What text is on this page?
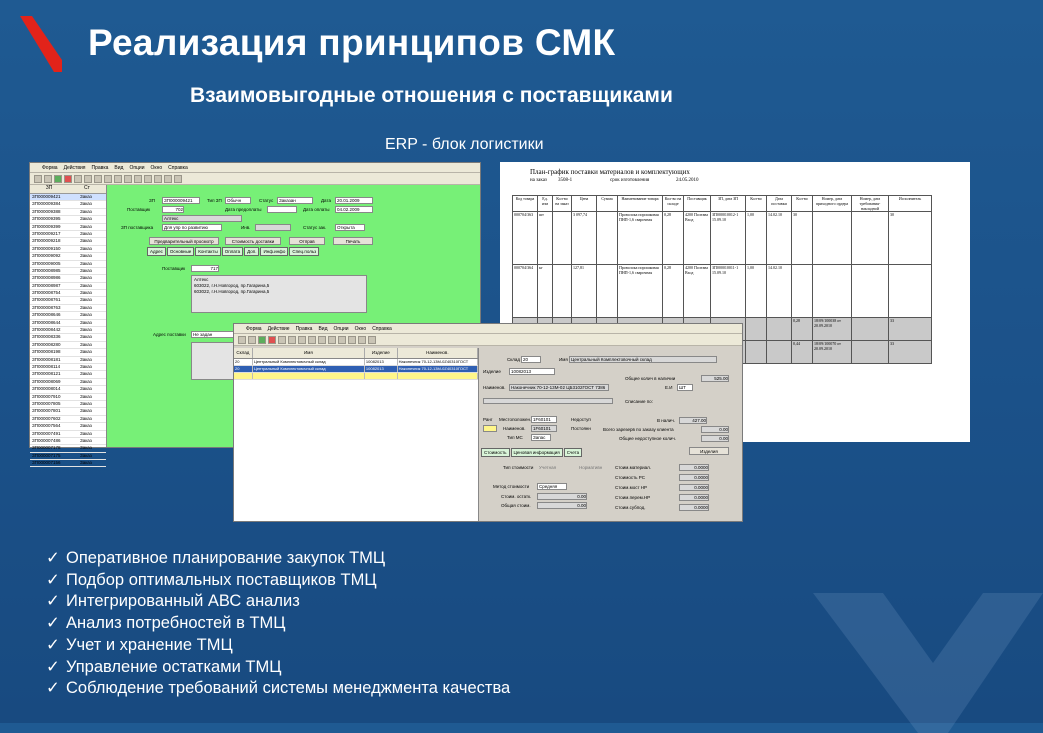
Реализация принципов СМК
Взаимовыгодные отношения с поставщиками
ERP - блок логистики
Форма Действия Правка Вид Опции Окно Справка
ЗП	Ст
ЗП000009421	Заказ
ЗП000009384	Заказ
ЗП000009388	Заказ
ЗП000009395	Заказ
ЗП000009399	Заказ
ЗП000009217	Заказ
ЗП000009218	Заказ
ЗП000009150	Заказ
ЗП000009092	Заказ
ЗП000009005	Заказ
ЗП000008985	Заказ
ЗП000008986	Заказ
ЗП000008987	Заказ
ЗП000008754	Заказ
ЗП000008761	Заказ
ЗП000008763	Заказ
ЗП000008646	Заказ
ЗП000008644	Заказ
ЗП000008442	Заказ
ЗП000008336	Заказ
ЗП000008280	Заказ
ЗП000008198	Заказ
ЗП000008181	Заказ
ЗП000008114	Заказ
ЗП000008121	Заказ
ЗП000008069	Заказ
ЗП000008014	Заказ
ЗП000007910	Заказ
ЗП000007805	Заказ
ЗП000007801	Заказ
ЗП000007602	Заказ
ЗП000007564	Заказ
ЗП000007491	Заказ
ЗП000007486	Заказ
ЗП000007178	Заказ
ЗП000007175	Заказ
ЗП000007156	Заказ
ЗП	ЗП000009421	Тип ЗП	Обычн	Статус	Заказан	Дата	20.01.2009
Поставщик	702	Дата предоплаты	Дата оплаты	04.02.2009
Алтекс
ЗП поставщика	Для упр по развитию	Инв.	Статус зак.	Открыта
Предварительный просмотр	Стоимость доставки	Отправ	Печать
Адрес	Основные	Контакты	Оплата	Доп.	Инф.инфо	Спец.польз
Поставщик	717
Алтекс
603022, г.Н.Новгород, пр.Гагарина,5
603022, г.Н.Новгород, пр.Гагарина,5
Адрес поставки	Не задан
План-график поставки материалов и комплектующих
на заказ 3508-1	срок изготовления	24.05.2010
Код товара	Ед. изм	Кол-во на заказ	Цена	Сумма	Наименование товара	Кол-во на складе	Поставщик	ЗП, дата ЗП	Кол-во	Дата поставки	Кол-во	Номер, дата приходного ордера	Номер, дата требования-накладной	Исполнитель
000704/363	шт		3 097,74		Проволока порошковая ПНП-1,6 сварочная	0,28	4200 Полтава Вход	ЗП000010012-1 15.09.10	1,00	14.02.10	30			30
000704/364	кг		127,81		Проволока порошковая ПНП-1,6 сварочная	0,28	4200 Полтава Вход	ЗП000010011-1 15.09.10	1,00	14.02.10				
											0,28	18/09/100038 от 20.09.2010		33
											0,44	18/09/100070 от 20.09.2010		33
Форма Действие Правка Вид Опции Окно Справка
Склад	Имя	Изделие	Наименов.
20	Центральный Комплектовочный склад	10082013	Наконечник 70-12-13М-0Z40310ГОСТ
20	Центральный Комплектовочный склад	10082013	Наконечник 70-12-13М-0Z40310ГОСТ
Склад 20	Имя Центральный Комплектовочный склад
Изделие	10082013
Общее колич в наличии	525.00
Наименов.	Наконечник 70-12-13М-02 ЦБ3102ГОСТ 7386	Е.И	ШТ
Списание по:
Ранг Местоположен. 1F60101	Недоступ	В налич.	427.00
Наименов.	1F60101	Постоянн	Всего зарезерв по заказу клиента	0.00
Тип МС	Запас	Общее недоступное колич.	0.00
Стоимость	Ценовая информация	Счета	Изделия
Тип стоимости Учетная	Нормативн
Метод стоимости	Средняя
Стоим. остатк.	0.00
Общая стоим.	0.00
Стоим.материал.	0.0000
Стоимость РС	0.0000
Стоим.мост НР	0.0000
Стоим.перем.НР	0.0000
Стоим.субпод.	0.0000
✓ Оперативное планирование закупок ТМЦ
✓ Подбор оптимальных поставщиков ТМЦ
✓ Интегрированный АВС анализ
✓ Анализ потребностей в ТМЦ
✓ Учет и хранение ТМЦ
✓ Управление остатками ТМЦ
✓ Соблюдение требований системы менеджмента качества
